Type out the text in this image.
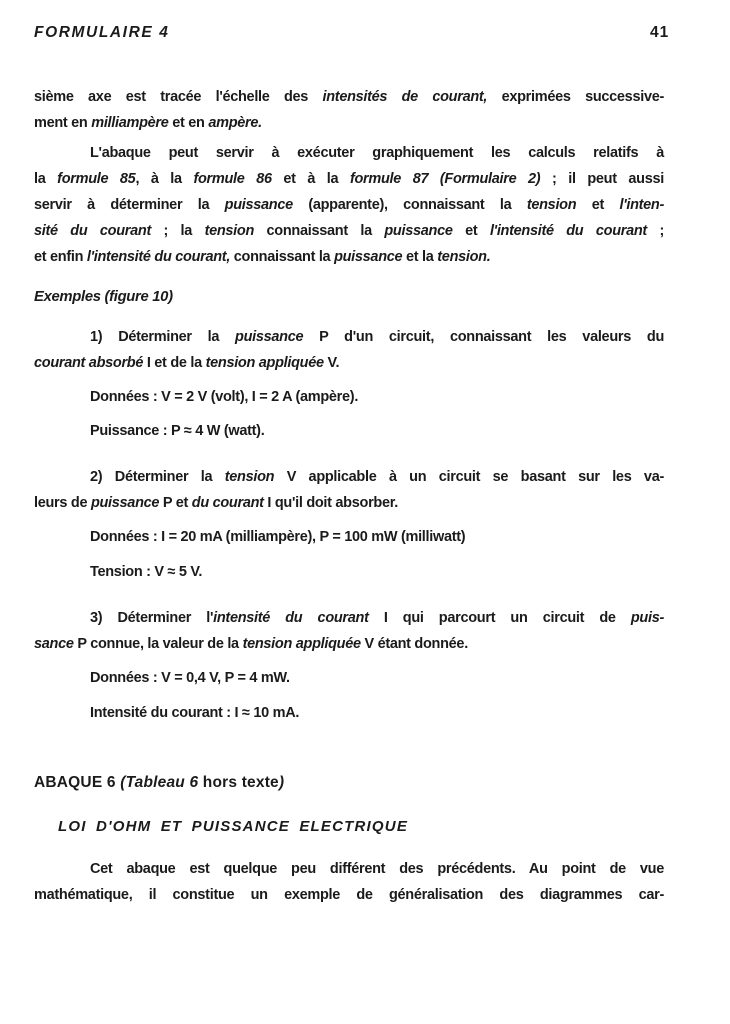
FORMULAIRE 4	41
sième axe est tracée l'échelle des intensités de courant, exprimées successive-
ment en milliampère et en ampère.
L'abaque peut servir à exécuter graphiquement les calculs relatifs à
la formule 85, à la formule 86 et à la formule 87 (Formulaire 2) ; il peut aussi
servir à déterminer la puissance (apparente), connaissant la tension et l'inten-
sité du courant ; la tension connaissant la puissance et l'intensité du courant ;
et enfin l'intensité du courant, connaissant la puissance et la tension.
Exemples (figure 10)
1) Déterminer la puissance P d'un circuit, connaissant les valeurs du
courant absorbé I et de la tension appliquée V.
Données : V = 2 V (volt), I = 2 A (ampère).
Puissance : P ≈ 4 W (watt).
2) Déterminer la tension V applicable à un circuit se basant sur les va-
leurs de puissance P et du courant I qu'il doit absorber.
Données : I = 20 mA (milliampère), P = 100 mW (milliwatt)
Tension : V ≈ 5 V.
3) Déterminer l'intensité du courant I qui parcourt un circuit de puis-
sance P connue, la valeur de la tension appliquée V étant donnée.
Données : V = 0,4 V, P = 4 mW.
Intensité du courant : I ≈ 10 mA.
ABAQUE 6 (Tableau 6 hors texte)
LOI D'OHM ET PUISSANCE ELECTRIQUE
Cet abaque est quelque peu différent des précédents. Au point de vue
mathématique, il constitue un exemple de généralisation des diagrammes car-
